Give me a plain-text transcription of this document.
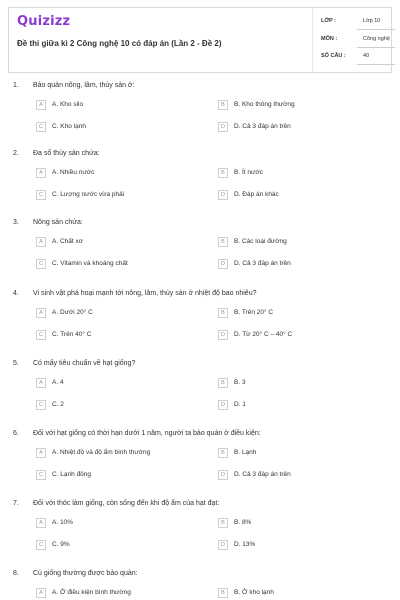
Quizizz
Đề thi giữa kì 2 Công nghệ 10 có đáp án (Lần 2 - Đề 2)
LỚP :	Lớp 10
MÔN :	Công nghệ
SỐ CÂU :	40
1. Bảo quản nông, lâm, thủy sản ở:
A	A. Kho silo	B	B. Kho thông thường
C	C. Kho lạnh	D	D. Cả 3 đáp án trên
2. Đa số thủy sản chứa:
A	A. Nhiều nước	B	B. Ít nước
C	C. Lượng nước vừa phải	D	D. Đáp án khác
3. Nông sản chứa:
A	A. Chất xơ	B	B. Các loại đường
C	C. Vitamin và khoáng chất	D	D. Cả 3 đáp án trên
4. Vi sinh vật phá hoại mạnh tới nông, lâm, thủy sản ở nhiệt độ bao nhiêu?
A	A. Dưới 20° C	B	B. Trên 20° C
C	C. Trên 40° C	D	D. Từ 20° C – 40° C
5. Có mấy tiêu chuẩn về hạt giống?
A	A. 4	B	B. 3
C	C. 2	D	D. 1
6. Đối với hạt giống có thời hạn dưới 1 năm, người ta bảo quản ở điều kiện:
A	A. Nhiệt độ và độ ẩm bình thường	B	B. Lạnh
C	C. Lạnh đông	D	D. Cả 3 đáp án trên
7. Đối với thóc làm giống, còn sống đến khi độ ẩm của hạt đạt:
A	A. 10%	B	B. 8%
C	C. 9%	D	D. 13%
8. Củ giống thường được bảo quản:
A	A. Ở điều kiện bình thường	B	B. Ở kho lạnh
